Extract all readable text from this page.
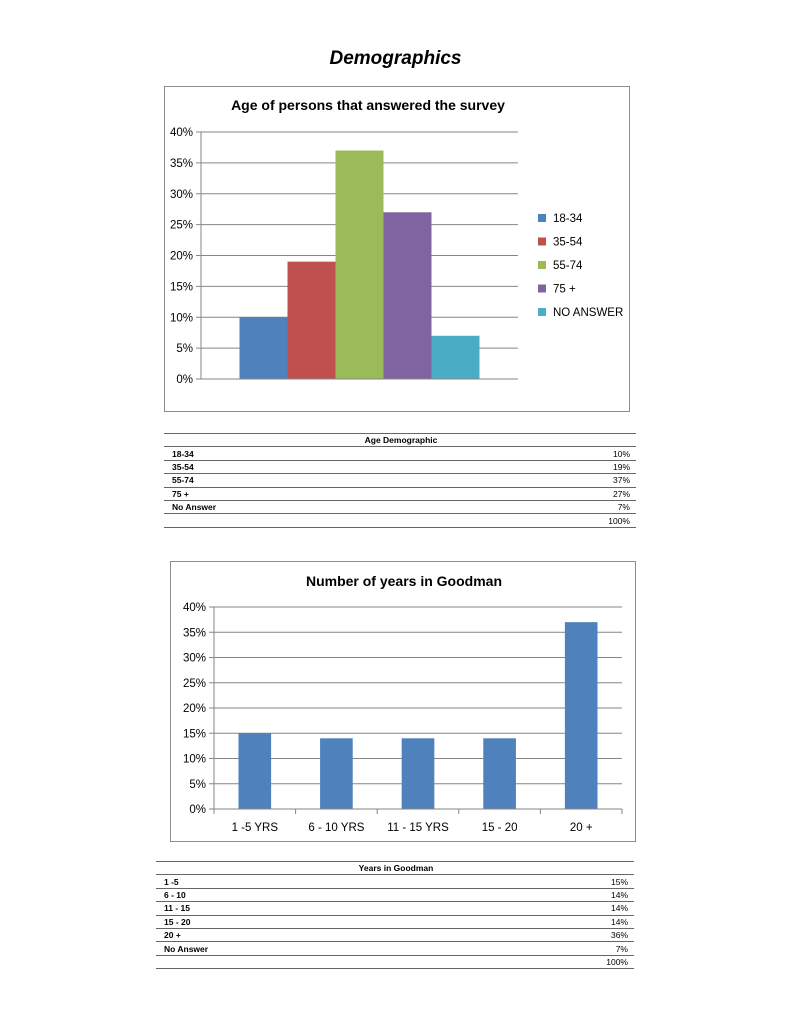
Demographics
Age of persons that answered the survey
0%
5%
10%
15%
20%
25%
30%
35%
40%
18-34
35-54
55-74
75 +
NO ANSWER
Age Demographic	
18-34	10%
35-54	19%
55-74	37%
75 +	27%
No Answer	7%
	100%
Number of years in Goodman
0%
5%
10%
15%
20%
25%
30%
35%
40%
1 -5 YRS	6 - 10 YRS 11 - 15 YRS	15 - 20	20 +
Years in Goodman	
1 -5	15%
6 - 10	14%
11 - 15	14%
15 - 20	14%
20 +	36%
No Answer	7%
	100%
